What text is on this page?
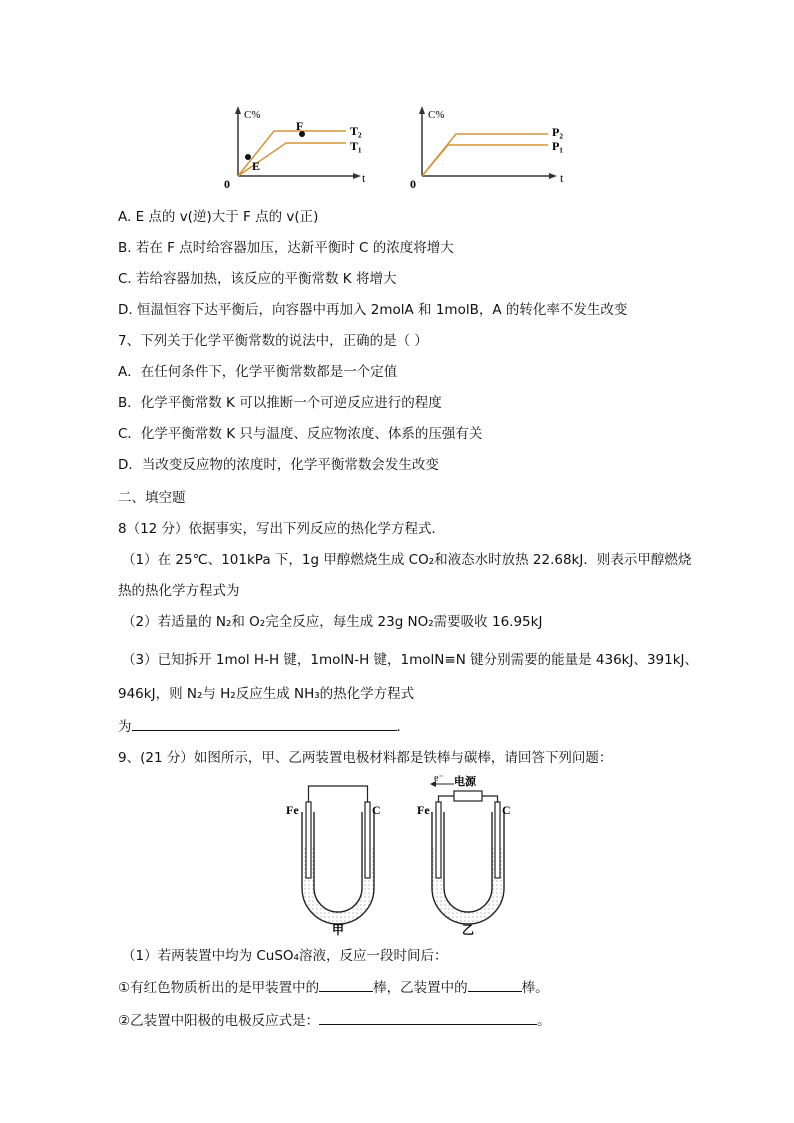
C%
t
0
E
F	T₂
T₁
C%
t
0
P₂
P₁
A. E 点的 v(逆)大于 F 点的 v(正)
B. 若在 F 点时给容器加压，达新平衡时 C 的浓度将增大
C. 若给容器加热，该反应的平衡常数 K 将增大
D. 恒温恒容下达平衡后，向容器中再加入 2molA 和 1molB，A 的转化率不发生改变
7、下列关于化学平衡常数的说法中，正确的是（ ）
A．在任何条件下，化学平衡常数都是一个定值
B．化学平衡常数 K 可以推断一个可逆反应进行的程度
C．化学平衡常数 K 只与温度、反应物浓度、体系的压强有关
D．当改变反应物的浓度时，化学平衡常数会发生改变
二、填空题
8（12 分）依据事实，写出下列反应的热化学方程式．
（1）在 25℃、101kPa 下，1g 甲醇燃烧生成 CO₂和液态水时放热 22.68kJ．则表示甲醇燃烧
热的热化学方程式为
（2）若适量的 N₂和 O₂完全反应，每生成 23g NO₂需要吸收 16.95kJ
（3）已知拆开 1mol H-H 键，1molN-H 键，1molN≡N 键分别需要的能量是 436kJ、391kJ、
946kJ，则 N₂与 H₂反应生成 NH₃的热化学方程式
为	．
9、(21 分）如图所示，甲、乙两装置电极材料都是铁棒与碳棒，请回答下列问题：
Fe	C
甲
e⁻ 电源
Fe	C
乙
（1）若两装置中均为 CuSO₄溶液，反应一段时间后：
①有红色物质析出的是甲装置中的	棒，乙装置中的	棒。
②乙装置中阳极的电极反应式是：	。
